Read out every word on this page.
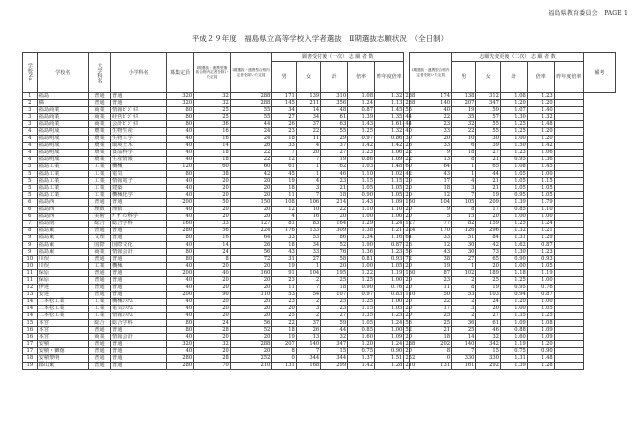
福島県教育委員会　PAGE 1
平成２９年度　福島県立高等学校入学者選抜　Ⅱ期選抜志願状況　（全日制）
学校No.	学校名	大学科名	小学科名	募集定員	Ⅰ期選抜・連携型選抜合格内定者を除いた定員	Ⅰ期選抜・連携型合格内定者を除いた定員	願書受付後（一次） 志 願 者 数						Ⅰ期選抜・連携型合格内定者を除いた定員	志願先変更後（二次） 志 願 者 数					備考
							男	女	計	倍率	昨年度倍率			男	女	計	倍率	昨年度倍率	
1	福島	普通	普通	320	32	288	171	139	310	1.08	1.32	288	174	138	312	1.08	1.23		
2	橘	普通	普通	320	32	288	145	211	356	1.24	1.13	288	140	207	347	1.20	1.20		
3	福島商業	商業	情報ﾋﾞｼﾞﾈｽ	80	25	55	34	14	48	0.87	1.45	55	40	19	59	1.07	1.40		
3	福島商業	商業	経営ﾋﾞｼﾞﾈｽ	80	25	55	27	34	61	1.39	1.35	44	22	35	57	1.30	1.32		
3	福島商業	商業	会計ﾋﾞｼﾞﾈｽ	80	36	44	26	37	63	1.43	1.61	44	23	32	55	1.25	1.48		
4	福島明成	農業	生物生産	40	16	24	23	22	55	1.25	1.32	40	33	22	55	1.25	1.20		
4	福島明成	農業	生物工学	40	16	24	18	11	29	0.97	0.86	30	20	10	30	1.00	1.20		
4	福島明成	農業	環境土木	40	14	26	33	4	37	1.42	1.42	26	33	6	39	1.50	1.42		
4	福島明成	農業	食品科学	40	18	22	7	20	27	1.23	1.06	22	9	18	27	1.23	1.06		
4	福島明成	農業	生産情報	40	18	22	12	7	19	0.86	1.09	22	13	8	21	0.95	1.36		
5	福島工業	工業	機械	120	60	60	61	1	62	1.03	1.48	60	64	1	65	1.08	1.45		
5	福島工業	工業	電気	80	38	42	45	1	46	1.10	1.02	42	43	1	44	1.05	1.00		
5	福島工業	工業	情報電子	40	20	20	19	4	23	1.15	1.15	20	17	4	21	1.05	1.15		
5	福島工業	工業	建築	40	20	20	18	3	21	1.05	1.05	20	18	3	21	1.05	1.05		
5	福島工業	工業	機械化学	40	20	20	11	7	18	0.90	1.05	20	12	7	19	0.95	1.05		
6	福島西	普通	普通	200	50	150	108	106	214	1.43	1.09	150	104	105	209	1.39	1.79		
6	福島西	理数	理数	40	20	20	12	10	22	1.10	1.10	20	9	8	17	0.85	1.10		
6	福島西	美術	ﾃﾞｻﾞｲﾝ科学	40	20	20	4	16	20	1.00	1.00	20	5	15	20	1.00	1.00		
7	福島南	総合	総合学科	160	33	127	81	83	164	1.29	1.24	127	77	82	159	1.25	1.24		
8	福島東	普通	普通	280	56	224	176	133	309	1.38	1.21	224	170	126	296	1.32	1.21		
9	福島東	文理	普通	80	16	64	33	53	86	1.34	1.16	64	33	51	84	1.31	1.29		
9	福島東	国際	国際文化	40	14	26	18	34	52	1.90	0.87	26	12	30	42	1.62	0.87		
9	福島東	商業	情報会計	80	24	56	43	33	76	1.36	1.23	56	43	30	73	1.30	1.23		
10	川俣	普通	普通	80	8	72	31	27	58	0.81	0.93	72	38	27	65	0.90	0.93		
10	川俣	工業	機械	40	20	20	19	1	20	1.00	1.05	20	19	1	20	1.00	1.05		
11	保原	普通	普通	200	40	160	91	104	195	1.22	1.19	160	87	102	189	1.18	1.19		
11	保原	普通	普通	40	20	20	23	2	25	1.25	1.00	20	23	2	25	1.25	1.00		
12	伊達	普通	普通	40	20	20	11	7	18	0.90	0.76	20	11	8	19	0.95	0.76		
13	安達	普通	普通	200	90	110	53	54	107	0.97	0.83	110	50	53	103	0.94	0.87		
14	二本松工業	工業	機械ｼｽﾃﾑ	40	20	20	23	2	25	1.25	1.00	20	22	2	24	1.20	1.00		
14	二本松工業	工業	電気ｼｽﾃﾑ	40	20	20	20	3	23	1.15	1.05	20	17	3	20	1.00	1.05		
14	二本松工業	工業	情報ｼｽﾃﾑ	40	20	20	25	2	27	1.35	1.25	20	25	2	27	1.35	1.25		
15	本宮	総合	総合学科	80	24	56	22	37	59	1.05	1.24	56	25	36	61	1.09	1.08		
16	本宮	普通	普通	80	28	52	18	26	44	0.85	1.00	52	21	25	46	0.88	1.09		
16	本宮	商業	情報会計	40	20	20	19	13	32	1.60	1.09	20	18	14	32	1.60	1.09		
17	安積	普通	普通	320	32	288	207	140	347	1.20	1.24	288	202	140	342	1.19	1.20		
17	安積・御舘	普通	普通	40	20	20	8	7	15	0.75	0.90	20	8	7	15	0.75	0.90		
18	安積黎明	普通	普通	280	28	252	0	344	344	1.37	1.51	252	0	330	330	1.31	1.48		
19	郡山東	普通	普通	280	70	210	131	168	299	1.42	1.28	210	131	161	292	1.39	1.28		
